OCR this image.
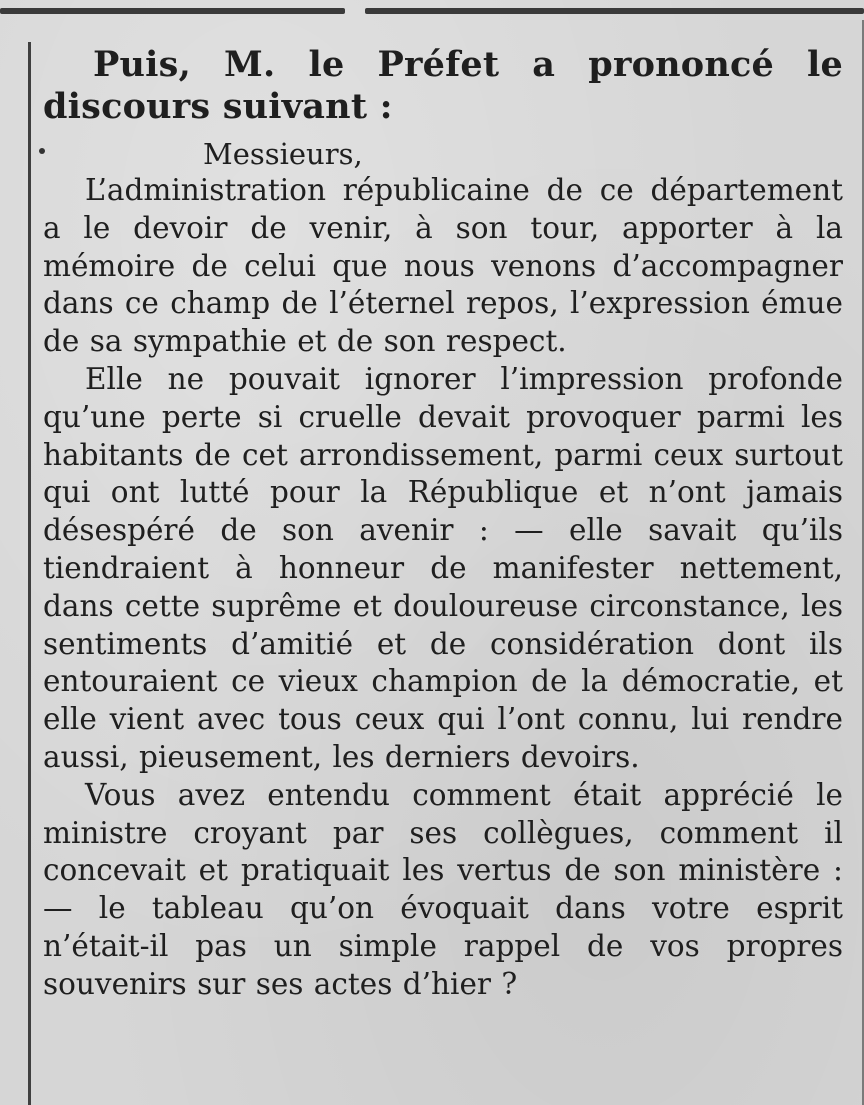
Puis, M. le Préfet a prononcé le discours suivant :

Messieurs,

L’administration républicaine de ce département a le devoir de venir, à son tour, apporter à la mémoire de celui que nous venons d’accompagner dans ce champ de l’éternel repos, l’expression émue de sa sympathie et de son respect.

Elle ne pouvait ignorer l’impression profonde qu’une perte si cruelle devait provoquer parmi les habitants de cet arrondissement, parmi ceux surtout qui ont lutté pour la République et n’ont jamais désespéré de son avenir : — elle savait qu’ils tiendraient à honneur de manifester nettement, dans cette suprême et douloureuse circonstance, les sentiments d’amitié et de considération dont ils entouraient ce vieux champion de la démocratie, et elle vient avec tous ceux qui l’ont connu, lui rendre aussi, pieusement, les derniers devoirs.

Vous avez entendu comment était apprécié le ministre croyant par ses collègues, comment il concevait et pratiquait les vertus de son ministère : — le tableau qu’on évoquait dans votre esprit n’était-il pas un simple rappel de vos propres souvenirs sur ses actes d’hier ?
